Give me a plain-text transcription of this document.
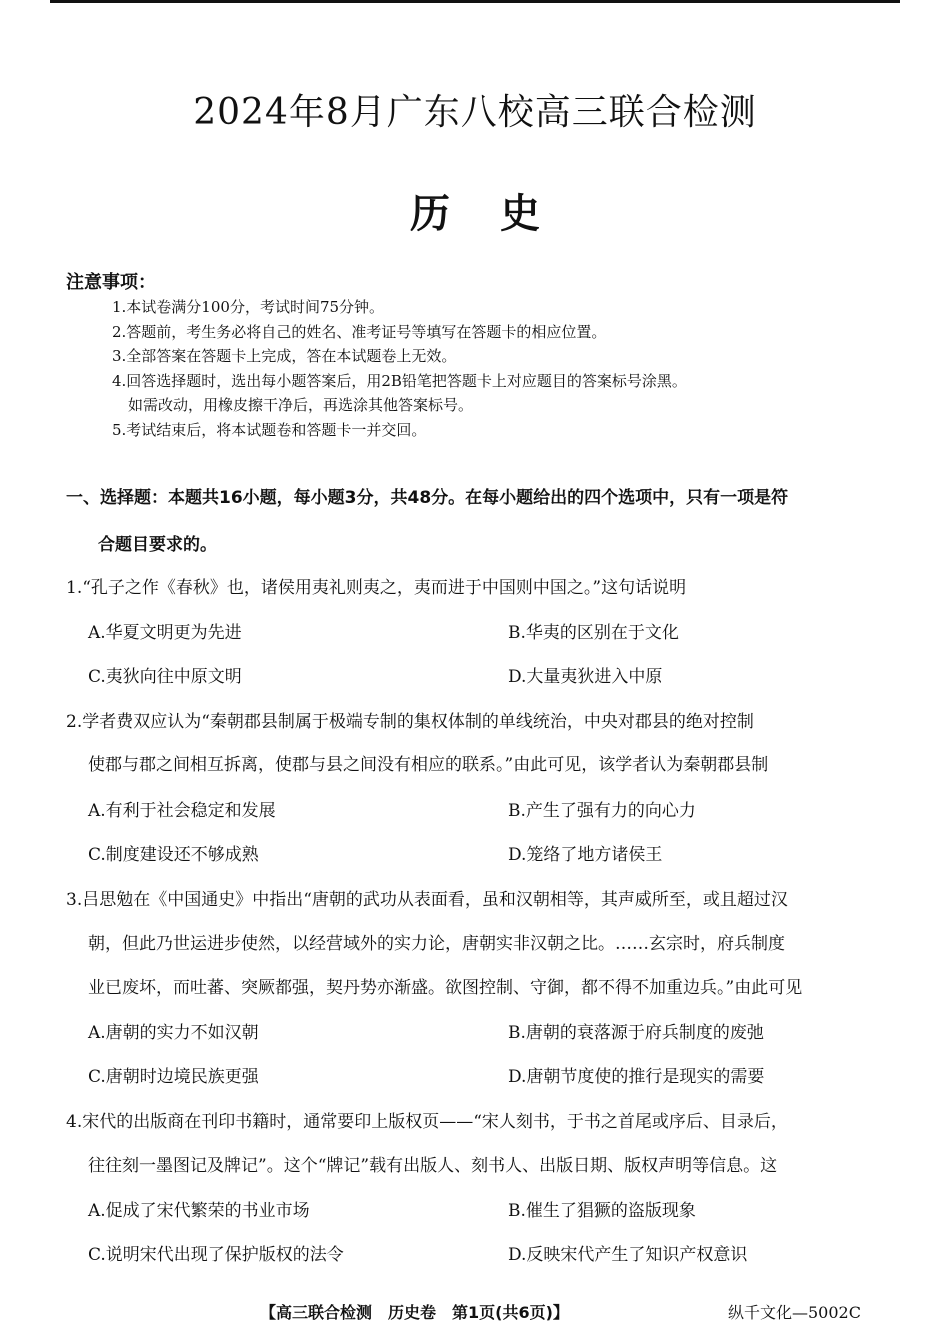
2024年8月广东八校高三联合检测
历史
注意事项：
1.本试卷满分100分，考试时间75分钟。
2.答题前，考生务必将自己的姓名、准考证号等填写在答题卡的相应位置。
3.全部答案在答题卡上完成，答在本试题卷上无效。
4.回答选择题时，选出每小题答案后，用2B铅笔把答题卡上对应题目的答案标号涂黑。
如需改动，用橡皮擦干净后，再选涂其他答案标号。
5.考试结束后，将本试题卷和答题卡一并交回。
一、选择题：本题共16小题，每小题3分，共48分。在每小题给出的四个选项中，只有一项是符
合题目要求的。
1.“孔子之作《春秋》也，诸侯用夷礼则夷之，夷而进于中国则中国之。”这句话说明
A.华夏文明更为先进	B.华夷的区别在于文化
C.夷狄向往中原文明	D.大量夷狄进入中原
2.学者费双应认为“秦朝郡县制属于极端专制的集权体制的单线统治，中央对郡县的绝对控制
使郡与郡之间相互拆离，使郡与县之间没有相应的联系。”由此可见，该学者认为秦朝郡县制
A.有利于社会稳定和发展	B.产生了强有力的向心力
C.制度建设还不够成熟	D.笼络了地方诸侯王
3.吕思勉在《中国通史》中指出“唐朝的武功从表面看，虽和汉朝相等，其声威所至，或且超过汉
朝，但此乃世运进步使然，以经营域外的实力论，唐朝实非汉朝之比。……玄宗时，府兵制度
业已废坏，而吐蕃、突厥都强，契丹势亦渐盛。欲图控制、守御，都不得不加重边兵。”由此可见
A.唐朝的实力不如汉朝	B.唐朝的衰落源于府兵制度的废弛
C.唐朝时边境民族更强	D.唐朝节度使的推行是现实的需要
4.宋代的出版商在刊印书籍时，通常要印上版权页——“宋人刻书，于书之首尾或序后、目录后，
往往刻一墨图记及牌记”。这个“牌记”载有出版人、刻书人、出版日期、版权声明等信息。这
A.促成了宋代繁荣的书业市场	B.催生了猖獗的盗版现象
C.说明宋代出现了保护版权的法令	D.反映宋代产生了知识产权意识
【高三联合检测　历史卷　第1页(共6页)】	纵千文化—5002C
